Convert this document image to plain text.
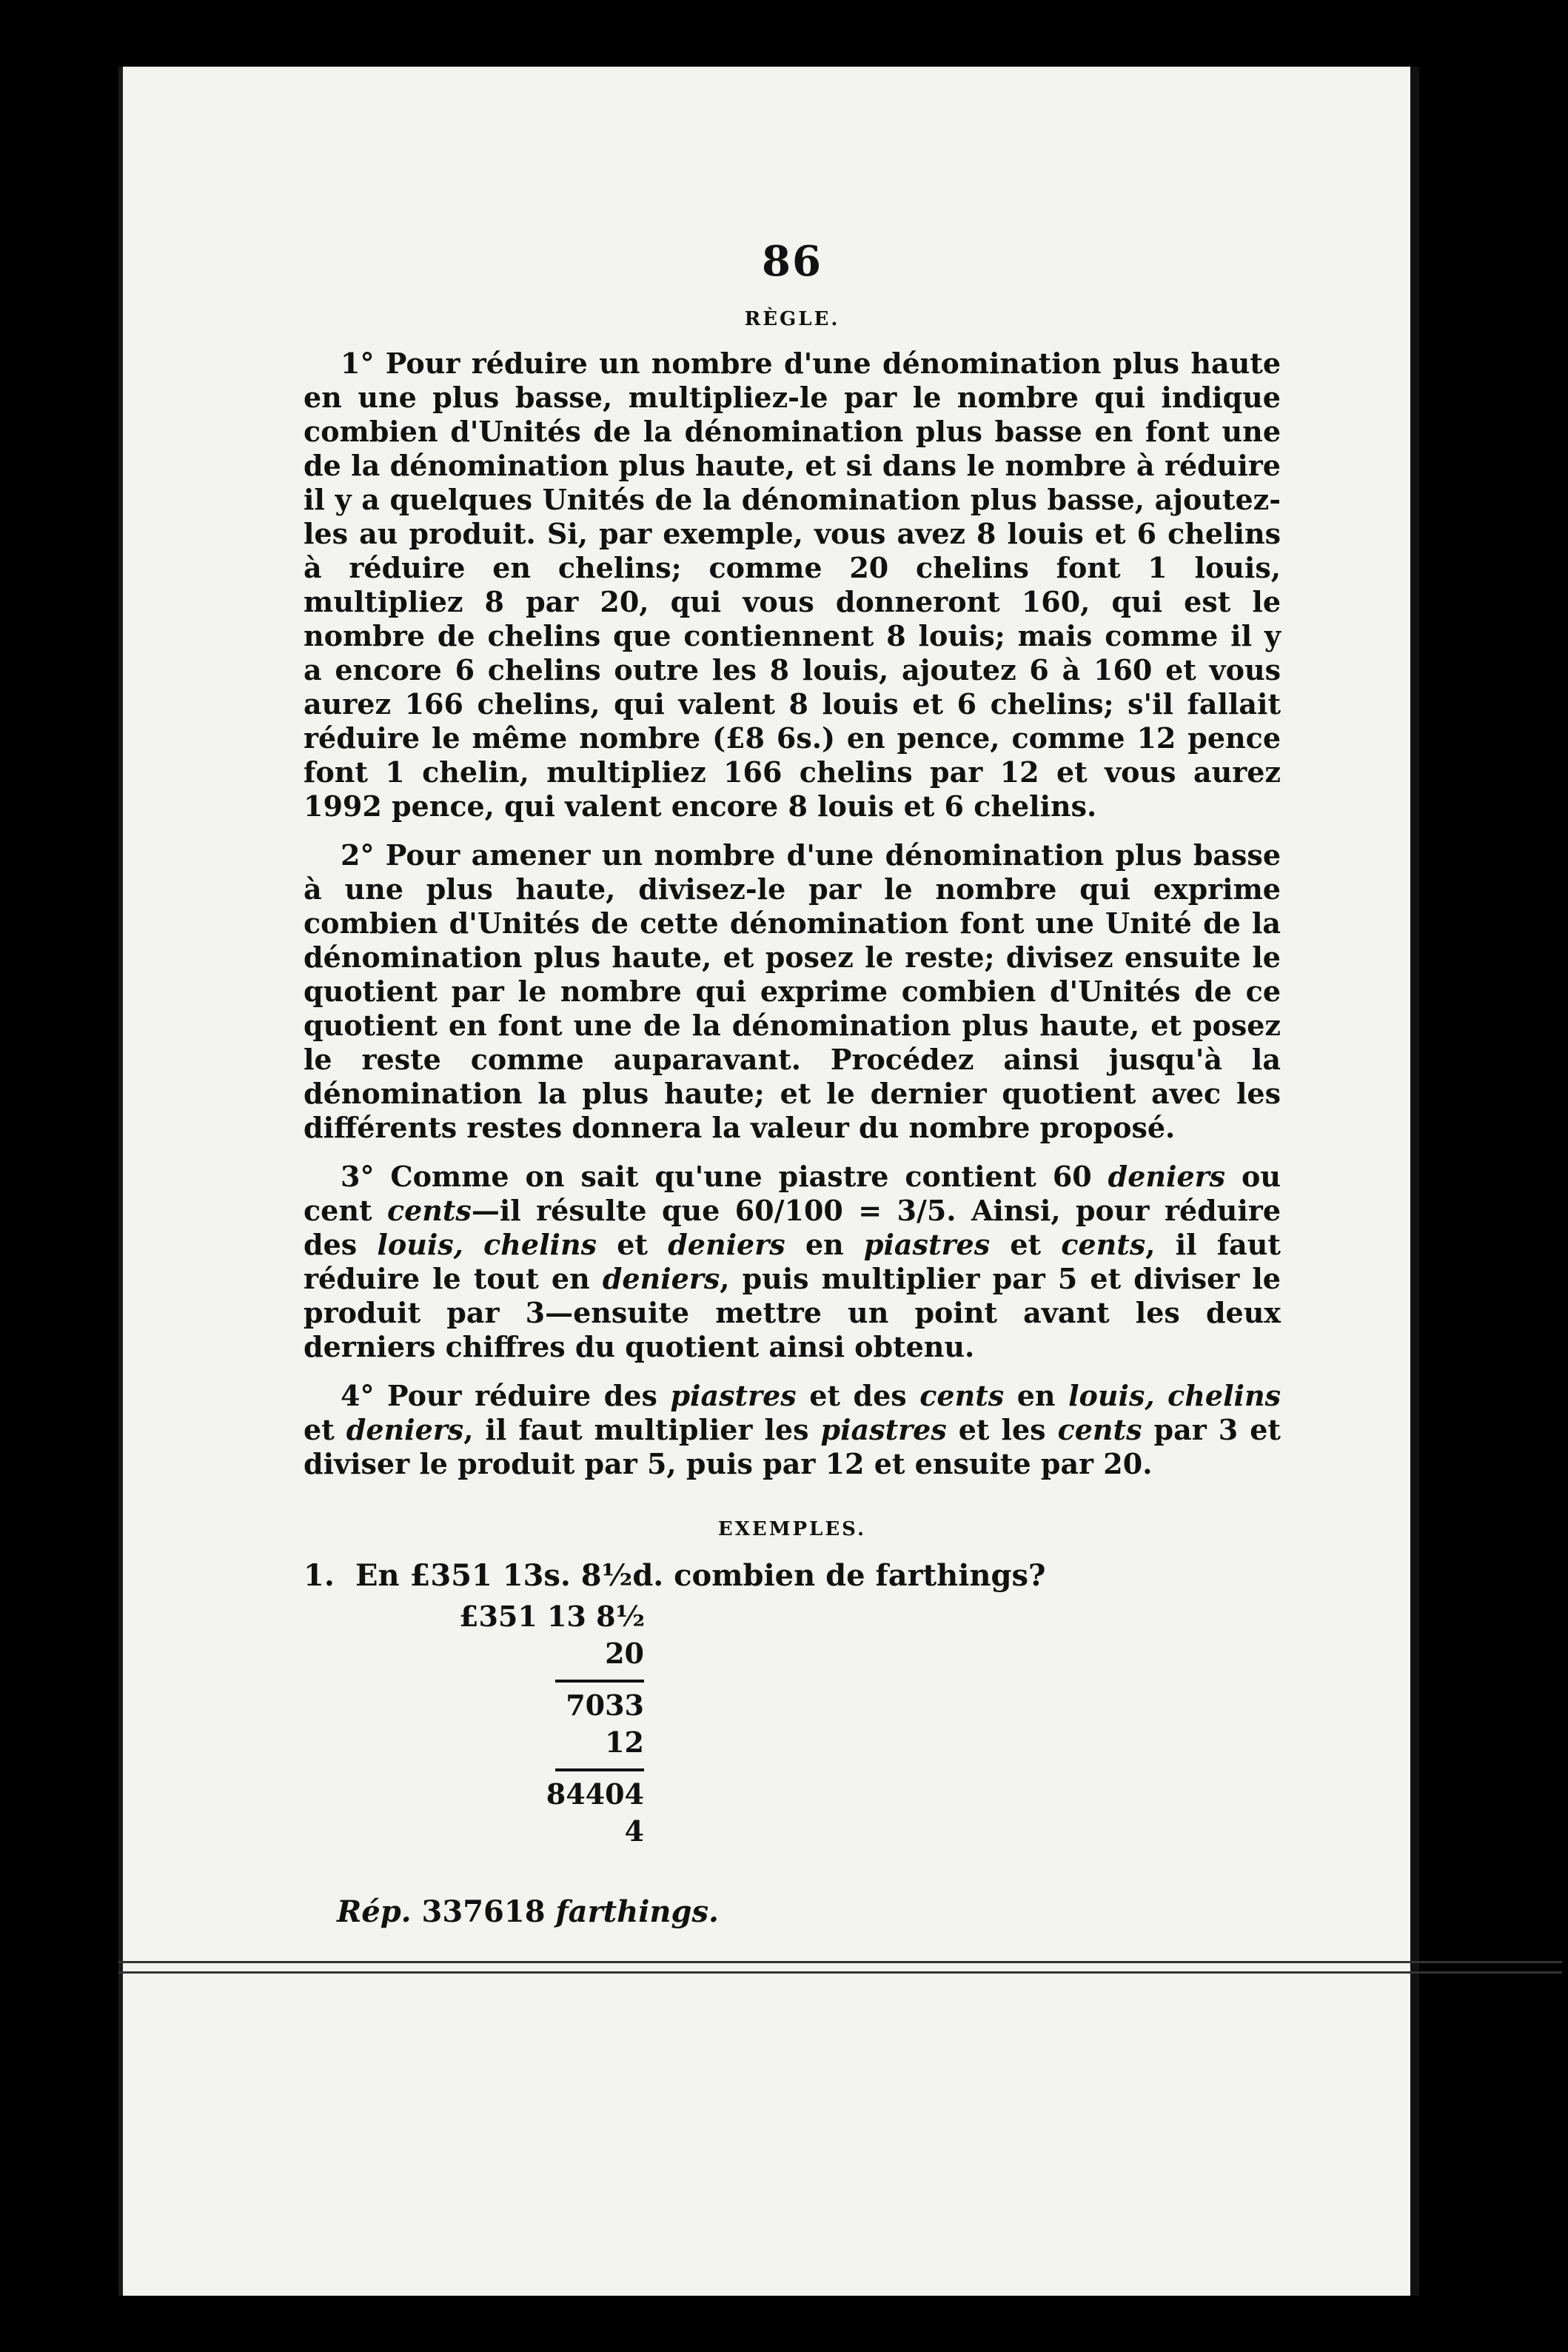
86
RÈGLE.

1° Pour réduire un nombre d'une dénomination plus haute en une plus basse, multipliez-le par le nombre qui indique combien d'Unités de la dénomination plus basse en font une de la dénomination plus haute, et si dans le nombre à réduire il y a quelques Unités de la dénomination plus basse, ajoutez-les au produit. Si, par exemple, vous avez 8 louis et 6 chelins à réduire en chelins; comme 20 chelins font 1 louis, multipliez 8 par 20, qui vous donneront 160, qui est le nombre de chelins que contiennent 8 louis; mais comme il y a encore 6 chelins outre les 8 louis, ajoutez 6 à 160 et vous aurez 166 chelins, qui valent 8 louis et 6 chelins; s'il fallait réduire le même nombre (£8 6s.) en pence, comme 12 pence font 1 chelin, multipliez 166 chelins par 12 et vous aurez 1992 pence, qui valent encore 8 louis et 6 chelins.

2° Pour amener un nombre d'une dénomination plus basse à une plus haute, divisez-le par le nombre qui exprime combien d'Unités de cette dénomination font une Unité de la dénomination plus haute, et posez le reste; divisez ensuite le quotient par le nombre qui exprime combien d'Unités de ce quotient en font une de la dénomination plus haute, et posez le reste comme auparavant. Procédez ainsi jusqu'à la dénomination la plus haute; et le dernier quotient avec les différents restes donnera la valeur du nombre proposé.

3° Comme on sait qu'une piastre contient 60 deniers ou cent cents—il résulte que 60/100 = 3/5. Ainsi, pour réduire des louis, chelins et deniers en piastres et cents, il faut réduire le tout en deniers, puis multiplier par 5 et diviser le produit par 3—ensuite mettre un point avant les deux derniers chiffres du quotient ainsi obtenu.

4° Pour réduire des piastres et des cents en louis, chelins et deniers, il faut multiplier les piastres et les cents par 3 et diviser le produit par 5, puis par 12 et ensuite par 20.

EXEMPLES.
1. En £351 13s. 8½d. combien de farthings?
£351 13 8½
20
7033
12
84404
4
Rép. 337618 farthings.
